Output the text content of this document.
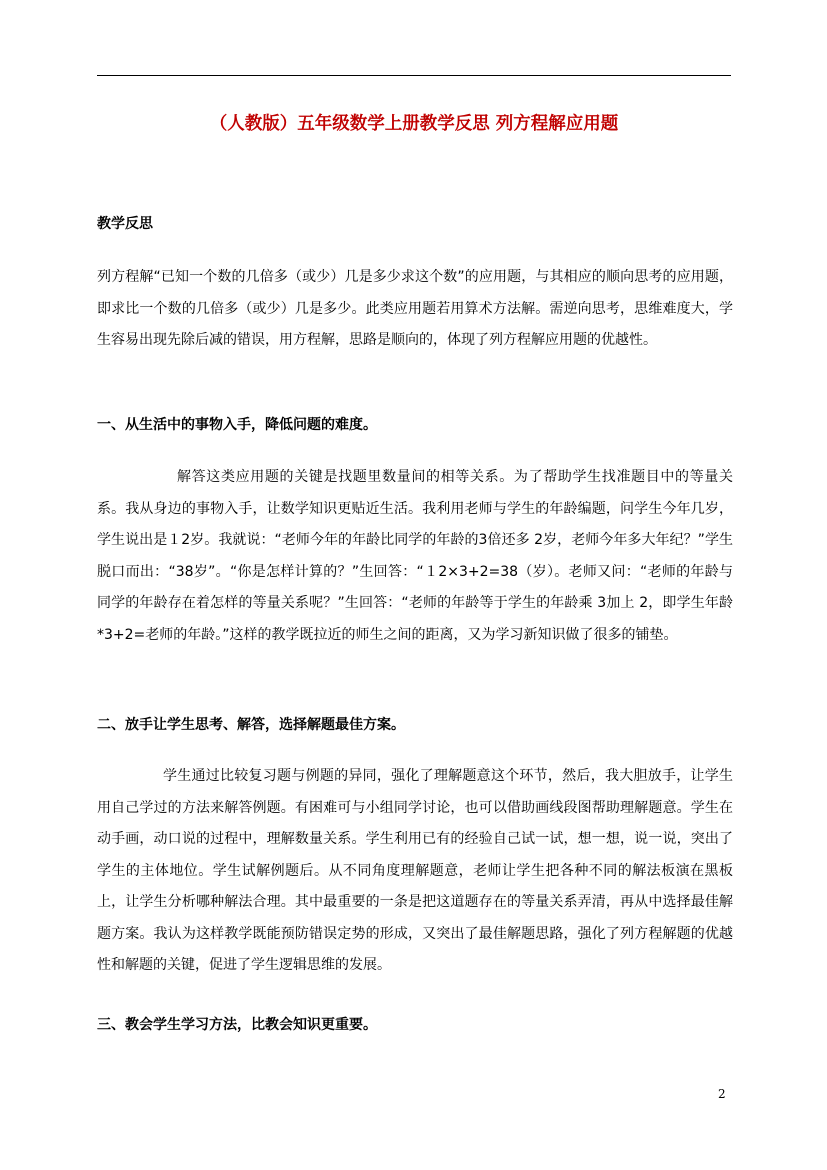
（人教版）五年级数学上册教学反思 列方程解应用题
教学反思

列方程解“已知一个数的几倍多（或少）几是多少求这个数”的应用题，与其相应的顺向思考的应用题，即求比一个数的几倍多（或少）几是多少。此类应用题若用算术方法解。需逆向思考，思维难度大，学生容易出现先除后减的错误，用方程解，思路是顺向的，体现了列方程解应用题的优越性。

一、从生活中的事物入手，降低问题的难度。

解答这类应用题的关键是找题里数量间的相等关系。为了帮助学生找准题目中的等量关系。我从身边的事物入手，让数学知识更贴近生活。我利用老师与学生的年龄编题，问学生今年几岁，学生说出是１2岁。我就说：“老师今年的年龄比同学的年龄的3倍还多 2岁，老师今年多大年纪？”学生脱口而出：“38岁”。“你是怎样计算的？”生回答：“１2×3+2=38（岁）。老师又问：“老师的年龄与同学的年龄存在着怎样的等量关系呢？”生回答：“老师的年龄等于学生的年龄乘 3加上 2，即学生年龄*3+2=老师的年龄。”这样的教学既拉近的师生之间的距离，又为学习新知识做了很多的铺垫。

二、放手让学生思考、解答，选择解题最佳方案。

学生通过比较复习题与例题的异同，强化了理解题意这个环节，然后，我大胆放手，让学生用自己学过的方法来解答例题。有困难可与小组同学讨论，也可以借助画线段图帮助理解题意。学生在动手画，动口说的过程中，理解数量关系。学生利用已有的经验自己试一试，想一想，说一说，突出了学生的主体地位。学生试解例题后。从不同角度理解题意，老师让学生把各种不同的解法板演在黑板上，让学生分析哪种解法合理。其中最重要的一条是把这道题存在的等量关系弄清，再从中选择最佳解题方案。我认为这样教学既能预防错误定势的形成，又突出了最佳解题思路，强化了列方程解题的优越性和解题的关键，促进了学生逻辑思维的发展。

三、教会学生学习方法，比教会知识更重要。
2
